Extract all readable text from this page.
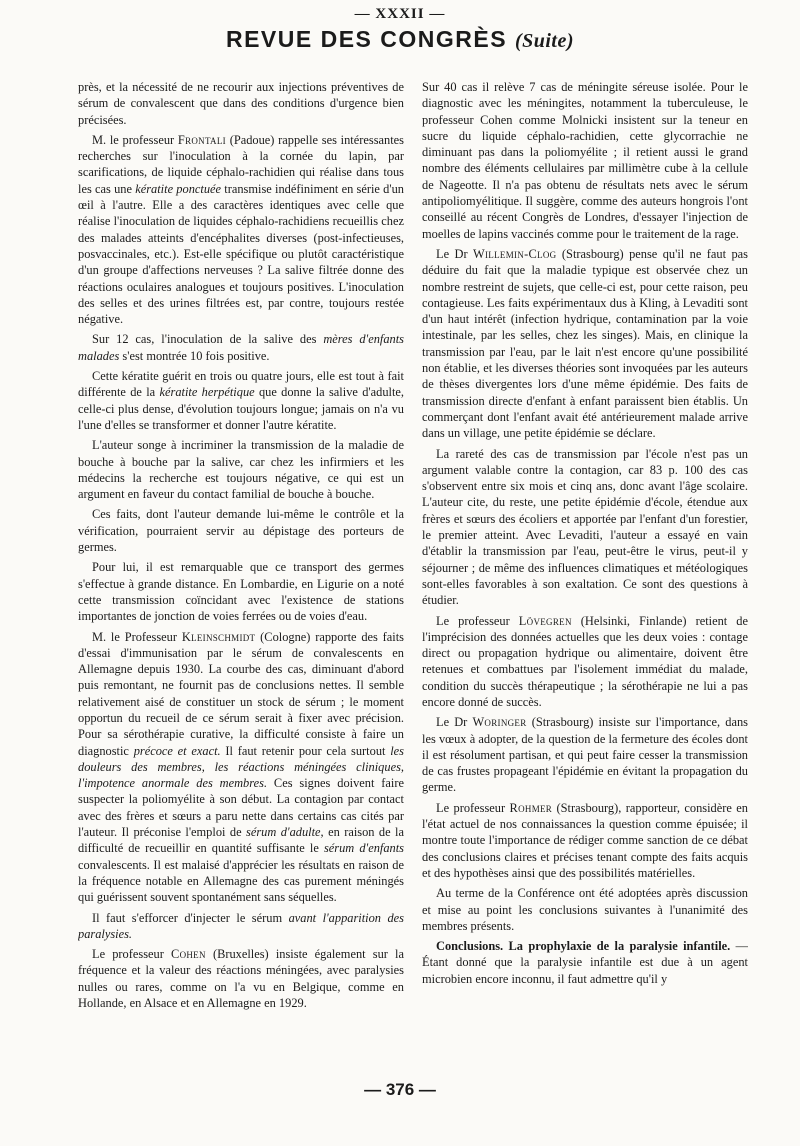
— XXXII —
REVUE DES CONGRÈS (Suite)

près, et la nécessité de ne recourir aux injections préventives de sérum de convalescent que dans des conditions d'urgence bien précisées.

M. le professeur Frontali (Padoue) rappelle ses intéressantes recherches sur l'inoculation à la cornée du lapin, par scarifications, de liquide céphalo-rachidien qui réalise dans tous les cas une kératite ponctuée transmise indéfiniment en série d'un œil à l'autre. Elle a des caractères identiques avec celle que réalise l'inoculation de liquides céphalo-rachidiens recueillis chez des malades atteints d'encéphalites diverses (post-infectieuses, posvaccinales, etc.). Est-elle spécifique ou plutôt caractéristique d'un groupe d'affections nerveuses ? La salive filtrée donne des réactions oculaires analogues et toujours positives. L'inoculation des selles et des urines filtrées est, par contre, toujours restée négative.

Sur 12 cas, l'inoculation de la salive des mères d'enfants malades s'est montrée 10 fois positive.

Cette kératite guérit en trois ou quatre jours, elle est tout à fait différente de la kératite herpétique que donne la salive d'adulte, celle-ci plus dense, d'évolution toujours longue; jamais on n'a vu l'une d'elles se transformer et donner l'autre kératite.

L'auteur songe à incriminer la transmission de la maladie de bouche à bouche par la salive, car chez les infirmiers et les médecins la recherche est toujours négative, ce qui est un argument en faveur du contact familial de bouche à bouche.

Ces faits, dont l'auteur demande lui-même le contrôle et la vérification, pourraient servir au dépistage des porteurs de germes.

Pour lui, il est remarquable que ce transport des germes s'effectue à grande distance. En Lombardie, en Ligurie on a noté cette transmission coïncidant avec l'existence de stations importantes de jonction de voies ferrées ou de voies d'eau.

M. le Professeur Kleinschmidt (Cologne) rapporte des faits d'essai d'immunisation par le sérum de convalescents en Allemagne depuis 1930. La courbe des cas, diminuant d'abord puis remontant, ne fournit pas de conclusions nettes. Il semble relativement aisé de constituer un stock de sérum ; le moment opportun du recueil de ce sérum serait à fixer avec précision. Pour sa sérothérapie curative, la difficulté consiste à faire un diagnostic précoce et exact. Il faut retenir pour cela surtout les douleurs des membres, les réactions méningées cliniques, l'impotence anormale des membres. Ces signes doivent faire suspecter la poliomyélite à son début. La contagion par contact avec des frères et sœurs a paru nette dans certains cas cités par l'auteur. Il préconise l'emploi de sérum d'adulte, en raison de la difficulté de recueillir en quantité suffisante le sérum d'enfants convalescents. Il est malaisé d'apprécier les résultats en raison de la fréquence notable en Allemagne des cas purement méningés qui guérissent souvent spontanément sans séquelles.

Il faut s'efforcer d'injecter le sérum avant l'apparition des paralysies.

Le professeur Cohen (Bruxelles) insiste également sur la fréquence et la valeur des réactions méningées, avec paralysies nulles ou rares, comme on l'a vu en Belgique, comme en Hollande, en Alsace et en Allemagne en 1929.

Sur 40 cas il relève 7 cas de méningite séreuse isolée. Pour le diagnostic avec les méningites, notamment la tuberculeuse, le professeur Cohen comme Molnicki insistent sur la teneur en sucre du liquide céphalo-rachidien, cette glycorrachie ne diminuant pas dans la poliomyélite ; il retient aussi le grand nombre des éléments cellulaires par millimètre cube à la cellule de Nageotte. Il n'a pas obtenu de résultats nets avec le sérum antipoliomyélitique. Il suggère, comme des auteurs hongrois l'ont conseillé au récent Congrès de Londres, d'essayer l'injection de moelles de lapins vaccinés comme pour le traitement de la rage.

Le Dr Willemin-Clog (Strasbourg) pense qu'il ne faut pas déduire du fait que la maladie typique est observée chez un nombre restreint de sujets, que celle-ci est, pour cette raison, peu contagieuse. Les faits expérimentaux dus à Kling, à Levaditi sont d'un haut intérêt (infection hydrique, contamination par la voie intestinale, par les selles, chez les singes). Mais, en clinique la transmission par l'eau, par le lait n'est encore qu'une possibilité non établie, et les diverses théories sont invoquées par les auteurs de thèses divergentes lors d'une même épidémie. Des faits de transmission directe d'enfant à enfant paraissent bien établis. Un commerçant dont l'enfant avait été antérieurement malade arrive dans un village, une petite épidémie se déclare.

La rareté des cas de transmission par l'école n'est pas un argument valable contre la contagion, car 83 p. 100 des cas s'observent entre six mois et cinq ans, donc avant l'âge scolaire. L'auteur cite, du reste, une petite épidémie d'école, étendue aux frères et sœurs des écoliers et apportée par l'enfant d'un forestier, le premier atteint. Avec Levaditi, l'auteur a essayé en vain d'établir la transmission par l'eau, peut-être le virus, peut-il y séjourner ; de même des influences climatiques et météologiques sont-elles favorables à son exaltation. Ce sont des questions à étudier.

Le professeur Lövegren (Helsinki, Finlande) retient de l'imprécision des données actuelles que les deux voies : contage direct ou propagation hydrique ou alimentaire, doivent être retenues et combattues par l'isolement immédiat du malade, condition du succès thérapeutique ; la sérothérapie ne lui a pas encore donné de succès.

Le Dr Woringer (Strasbourg) insiste sur l'importance, dans les vœux à adopter, de la question de la fermeture des écoles dont il est résolument partisan, et qui peut faire cesser la transmission de cas frustes propageant l'épidémie en évitant la propagation du germe.

Le professeur Rohmer (Strasbourg), rapporteur, considère en l'état actuel de nos connaissances la question comme épuisée; il montre toute l'importance de rédiger comme sanction de ce débat des conclusions claires et précises tenant compte des faits acquis et des hypothèses ainsi que des possibilités matérielles.

Au terme de la Conférence ont été adoptées après discussion et mise au point les conclusions suivantes à l'unanimité des membres présents.

Conclusions. La prophylaxie de la paralysie infantile. — Étant donné que la paralysie infantile est due à un agent microbien encore inconnu, il faut admettre qu'il y

— 376 —
